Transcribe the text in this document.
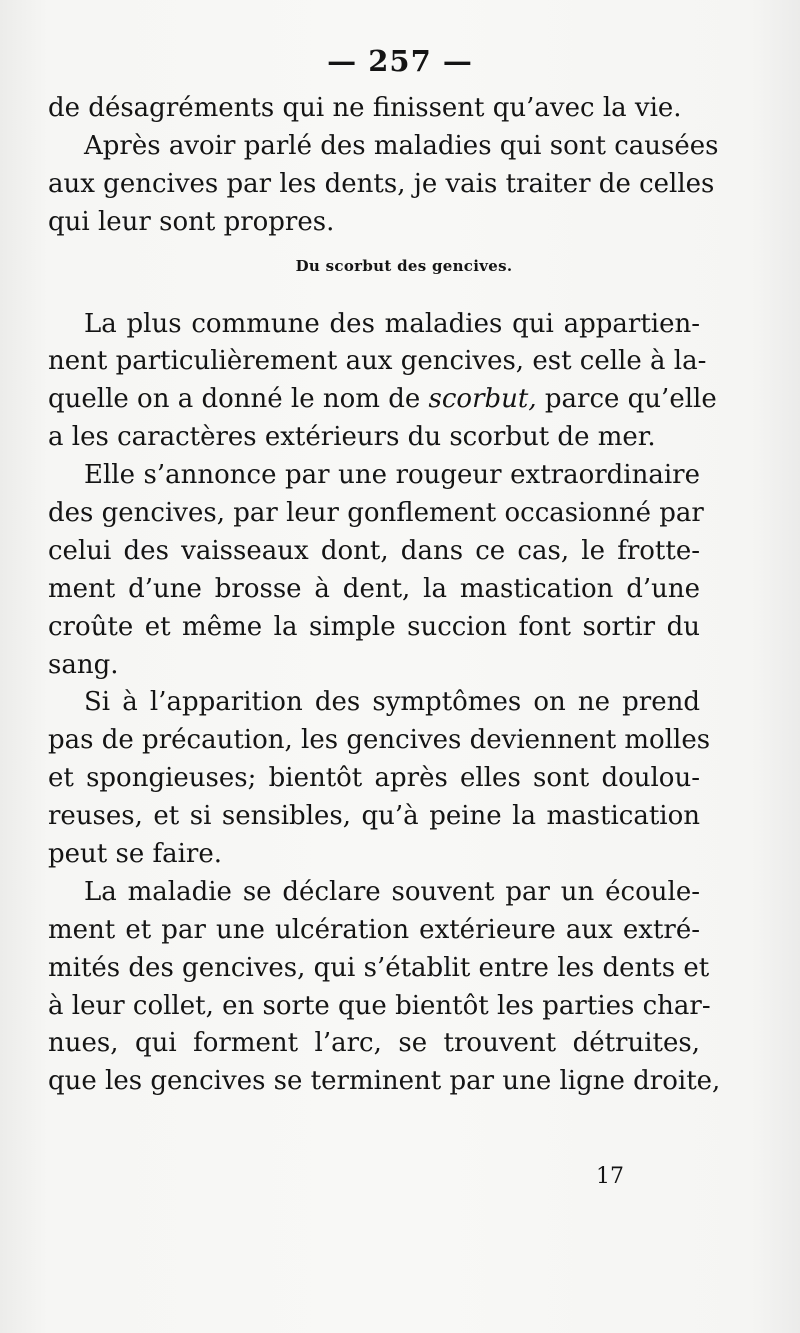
— 257 —
de désagréments qui ne finissent qu’avec la vie.
Après avoir parlé des maladies qui sont causées
aux gencives par les dents, je vais traiter de celles
qui leur sont propres.
Du scorbut des gencives.
La plus commune des maladies qui appartien-
nent particulièrement aux gencives, est celle à la-
quelle on a donné le nom de scorbut, parce qu’elle
a les caractères extérieurs du scorbut de mer.
Elle s’annonce par une rougeur extraordinaire
des gencives, par leur gonflement occasionné par
celui des vaisseaux dont, dans ce cas, le frotte-
ment d’une brosse à dent, la mastication d’une
croûte et même la simple succion font sortir du
sang.
Si à l’apparition des symptômes on ne prend
pas de précaution, les gencives deviennent molles
et spongieuses; bientôt après elles sont doulou-
reuses, et si sensibles, qu’à peine la mastication
peut se faire.
La maladie se déclare souvent par un écoule-
ment et par une ulcération extérieure aux extré-
mités des gencives, qui s’établit entre les dents et
à leur collet, en sorte que bientôt les parties char-
nues, qui forment l’arc, se trouvent détruites,
que les gencives se terminent par une ligne droite,
17
